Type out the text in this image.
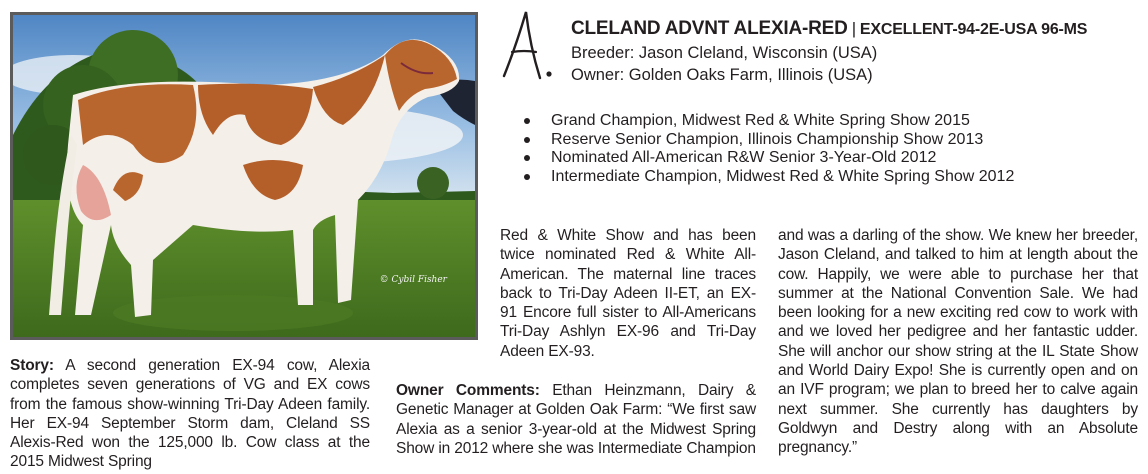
© Cybil Fisher
CLELAND ADVNT ALEXIA-RED | EXCELLENT-94-2E-USA 96-MS
Breeder: Jason Cleland, Wisconsin (USA)
Owner: Golden Oaks Farm, Illinois (USA)
Grand Champion, Midwest Red & White Spring Show 2015
Reserve Senior Champion, Illinois Championship Show 2013
Nominated All-American R&W Senior 3-Year-Old 2012
Intermediate Champion, Midwest Red & White Spring Show 2012

Story: A second generation EX-94 cow, Alexia completes seven generations of VG and EX cows from the famous show-winning Tri-Day Adeen family. Her EX-94 September Storm dam, Cleland SS Alexis-Red won the 125,000 lb. Cow class at the 2015 Midwest Spring

Red & White Show and has been twice nominated Red & White All-American. The maternal line traces back to Tri-Day Adeen II-ET, an EX-91 Encore full sister to All-Americans Tri-Day Ashlyn EX-96 and Tri-Day Adeen EX-93.

Owner Comments: Ethan Heinzmann, Dairy & Genetic Manager at Golden Oak Farm: “We first saw Alexia as a senior 3-year-old at the Midwest Spring Show in 2012 where she was Intermediate Champion

and was a darling of the show. We knew her breeder, Jason Cleland, and talked to him at length about the cow. Happily, we were able to purchase her that summer at the National Convention Sale. We had been looking for a new exciting red cow to work with and we loved her pedigree and her fantastic udder. She will anchor our show string at the IL State Show and World Dairy Expo! She is currently open and on an IVF program; we plan to breed her to calve again next summer. She currently has daughters by Goldwyn and Destry along with an Absolute pregnancy.”
